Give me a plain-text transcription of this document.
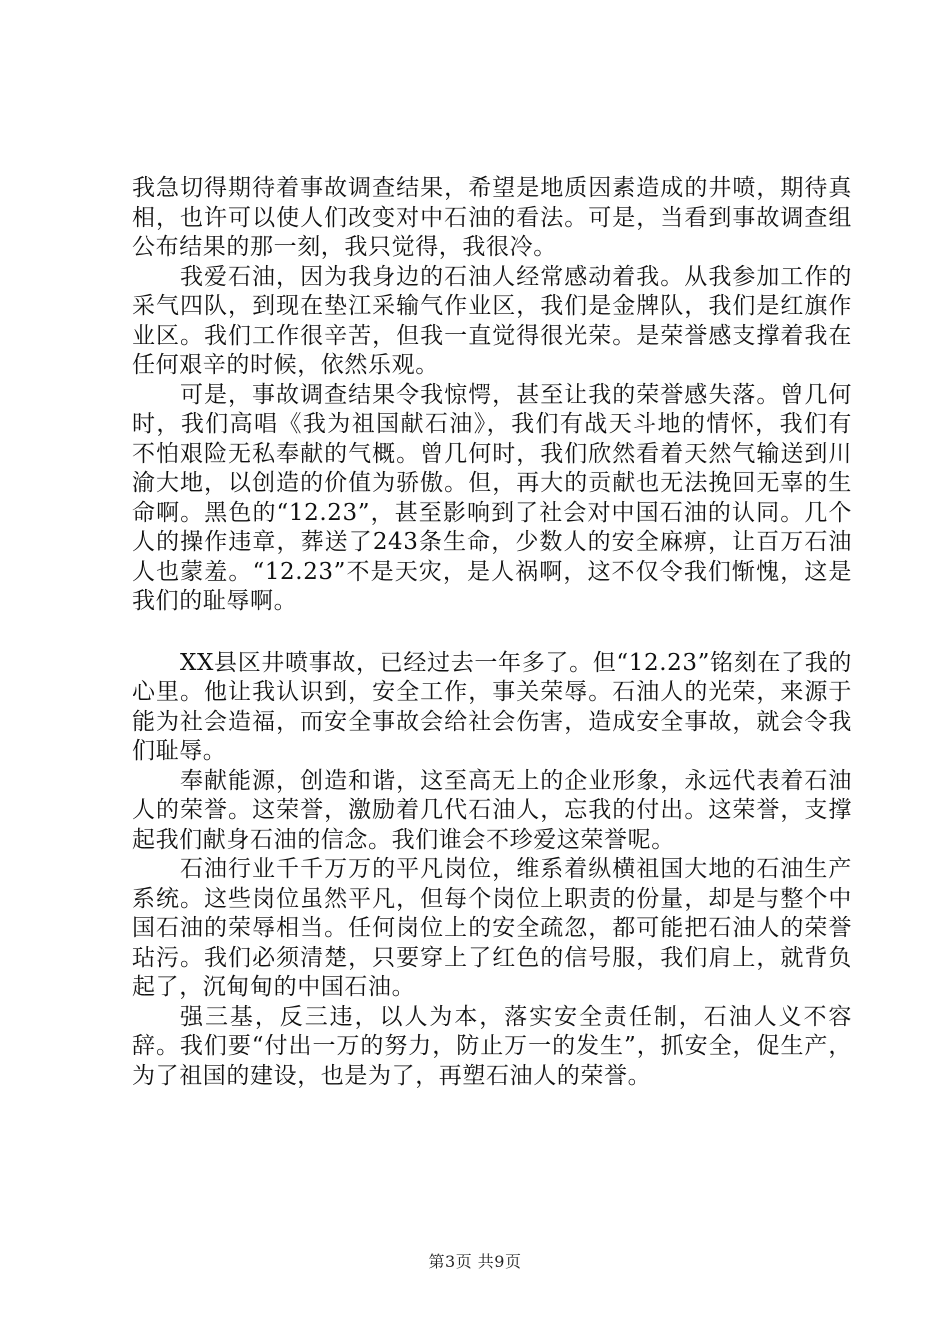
我急切得期待着事故调查结果，希望是地质因素造成的井喷，期待真相，也许可以使人们改变对中石油的看法。可是，当看到事故调查组公布结果的那一刻，我只觉得，我很冷。

我爱石油，因为我身边的石油人经常感动着我。从我参加工作的采气四队，到现在垫江采输气作业区，我们是金牌队，我们是红旗作业区。我们工作很辛苦，但我一直觉得很光荣。是荣誉感支撑着我在任何艰辛的时候，依然乐观。

可是，事故调查结果令我惊愕，甚至让我的荣誉感失落。曾几何时，我们高唱《我为祖国献石油》，我们有战天斗地的情怀，我们有不怕艰险无私奉献的气概。曾几何时，我们欣然看着天然气输送到川渝大地，以创造的价值为骄傲。但，再大的贡献也无法挽回无辜的生命啊。黑色的“12.23”，甚至影响到了社会对中国石油的认同。几个人的操作违章，葬送了243条生命，少数人的安全麻痹，让百万石油人也蒙羞。“12.23”不是天灾，是人祸啊，这不仅令我们惭愧，这是我们的耻辱啊。

XX县区井喷事故，已经过去一年多了。但“12.23”铭刻在了我的心里。他让我认识到，安全工作，事关荣辱。石油人的光荣，来源于能为社会造福，而安全事故会给社会伤害，造成安全事故，就会令我们耻辱。

奉献能源，创造和谐，这至高无上的企业形象，永远代表着石油人的荣誉。这荣誉，激励着几代石油人，忘我的付出。这荣誉，支撑起我们献身石油的信念。我们谁会不珍爱这荣誉呢。

石油行业千千万万的平凡岗位，维系着纵横祖国大地的石油生产系统。这些岗位虽然平凡，但每个岗位上职责的份量，却是与整个中国石油的荣辱相当。任何岗位上的安全疏忽，都可能把石油人的荣誉玷污。我们必须清楚，只要穿上了红色的信号服，我们肩上，就背负起了，沉甸甸的中国石油。

强三基，反三违，以人为本，落实安全责任制，石油人义不容辞。我们要“付出一万的努力，防止万一的发生”，抓安全，促生产，为了祖国的建设，也是为了，再塑石油人的荣誉。

第3页 共9页
